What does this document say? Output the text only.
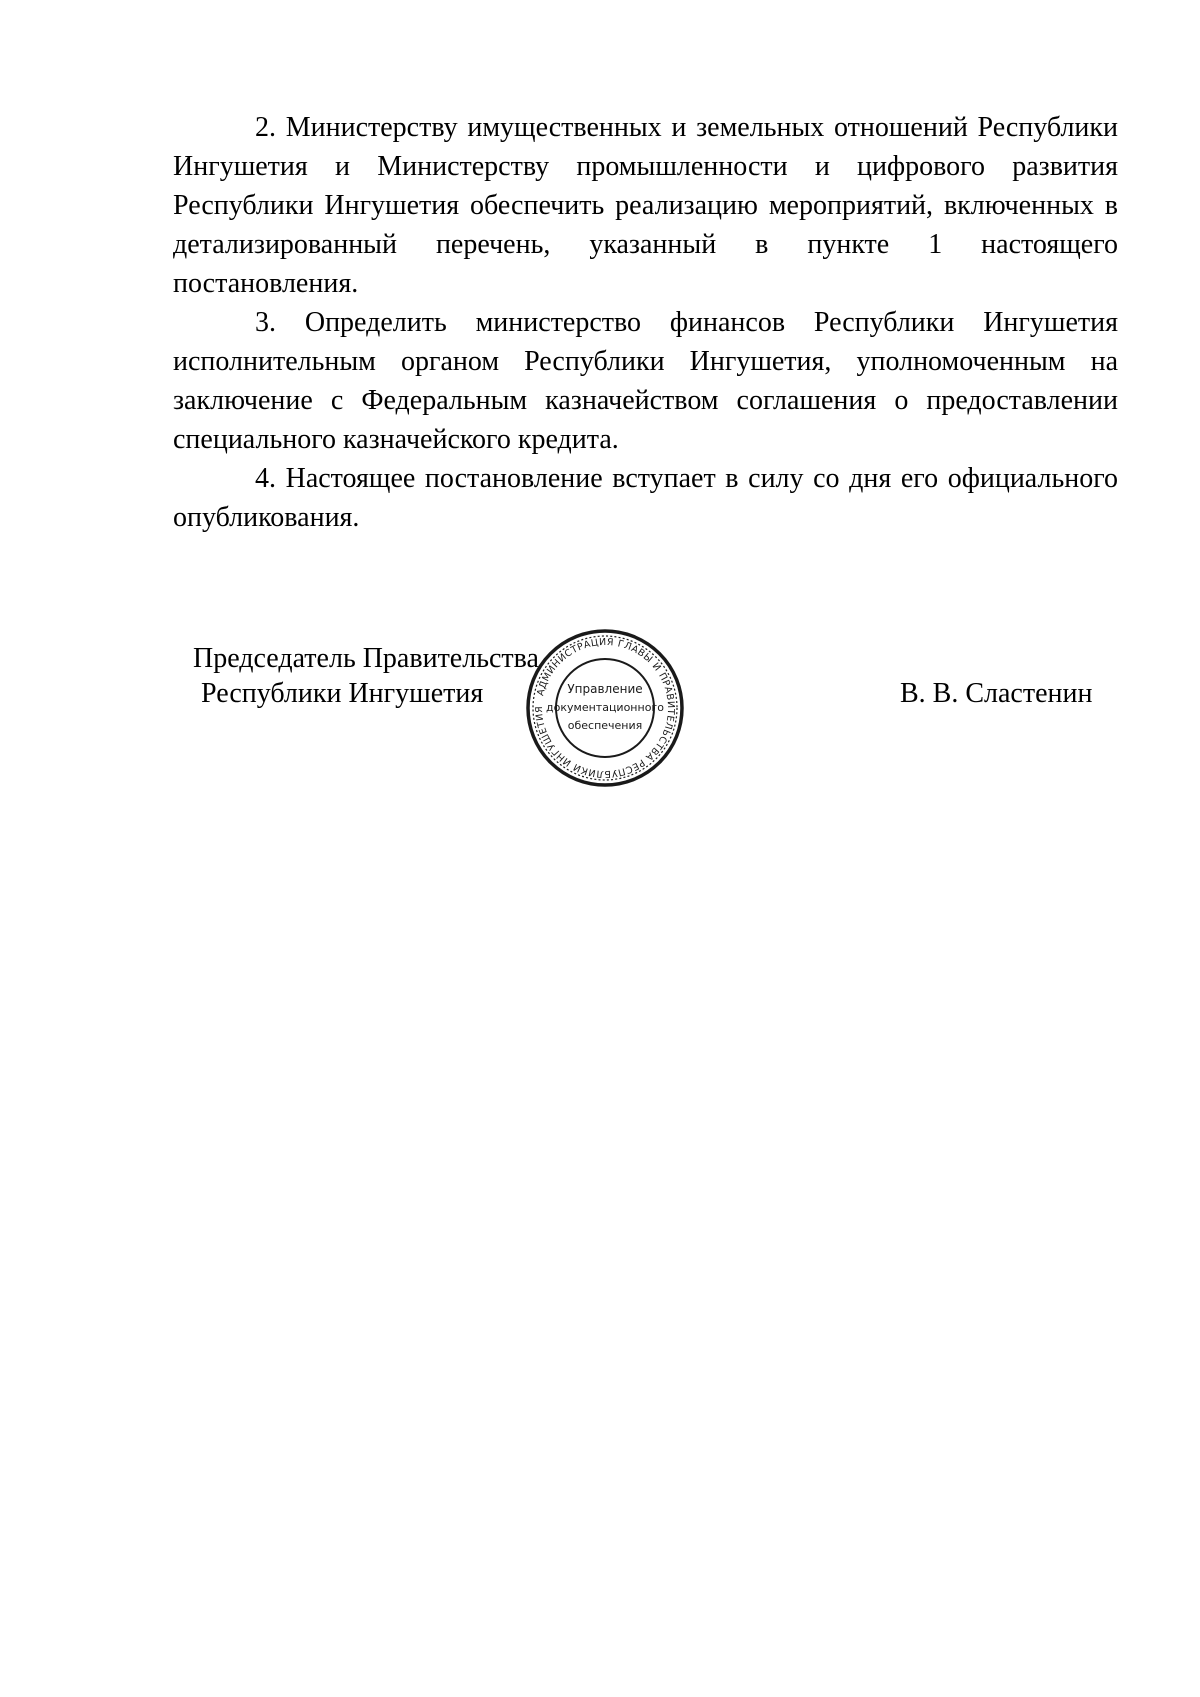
2. Министерству имущественных и земельных отношений Республики Ингушетия и Министерству промышленности и цифрового развития Республики Ингушетия обеспечить реализацию мероприятий, включенных в детализированный перечень, указанный в пункте 1 настоящего постановления.

3. Определить министерство финансов Республики Ингушетия исполнительным органом Республики Ингушетия, уполномоченным на заключение с Федеральным казначейством соглашения о предоставлении специального казначейского кредита.

4. Настоящее постановление вступает в силу со дня его официального опубликования.

Председатель Правительства
Республики Ингушетия	АДМИНИСТРАЦИЯ ГЛАВЫ И ПРАВИТЕЛЬСТВА РЕСПУБЛИКИ ИНГУШЕТИЯ
Управление
документационного
обеспечения
В. В. Сластенин
